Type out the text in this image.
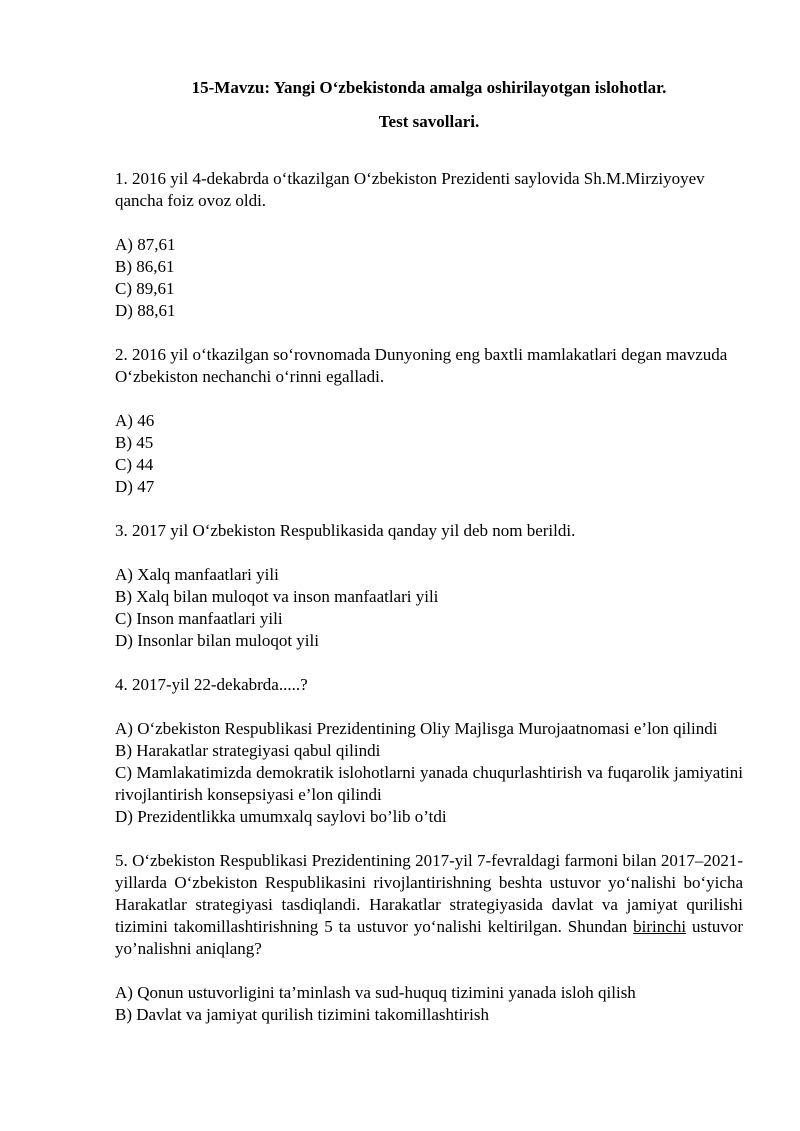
15-Mavzu: Yangi O‘zbekistonda amalga oshirilayotgan islohotlar.

Test savollari.

1. 2016 yil 4-dekabrda o‘tkazilgan O‘zbekiston Prezidenti saylovida Sh.M.Mirziyoyev qancha foiz ovoz oldi.

A) 87,61
B) 86,61
C) 89,61
D) 88,61

2. 2016 yil o‘tkazilgan so‘rovnomada Dunyoning eng baxtli mamlakatlari degan mavzuda O‘zbekiston nechanchi o‘rinni egalladi.

A) 46
B) 45
C) 44
D) 47

3. 2017 yil O‘zbekiston Respublikasida qanday yil deb nom berildi.

A) Xalq manfaatlari yili
B) Xalq bilan muloqot va inson manfaatlari yili
C) Inson manfaatlari yili
D) Insonlar bilan muloqot yili

4. 2017-yil 22-dekabrda.....?

A) O‘zbekiston Respublikasi Prezidentining Oliy Majlisga Murojaatnomasi e’lon qilindi
B) Harakatlar strategiyasi qabul qilindi
C) Mamlakatimizda demokratik islohotlarni yanada chuqurlashtirish va fuqarolik jamiyatini rivojlantirish konsepsiyasi e’lon qilindi
D) Prezidentlikka umumxalq saylovi bo’lib o’tdi

5. O‘zbekiston Respublikasi Prezidentining 2017-yil 7-fevraldagi farmoni bilan 2017–2021-yillarda O‘zbekiston Respublikasini rivojlantirishning beshta ustuvor yo‘nalishi bo‘yicha Harakatlar strategiyasi tasdiqlandi. Harakatlar strategiyasida davlat va jamiyat qurilishi tizimini takomillashtirishning 5 ta ustuvor yo‘nalishi keltirilgan. Shundan birinchi ustuvor yo’nalishni aniqlang?

A) Qonun ustuvorligini ta’minlash va sud-huquq tizimini yanada isloh qilish
B) Davlat va jamiyat qurilish tizimini takomillashtirish
